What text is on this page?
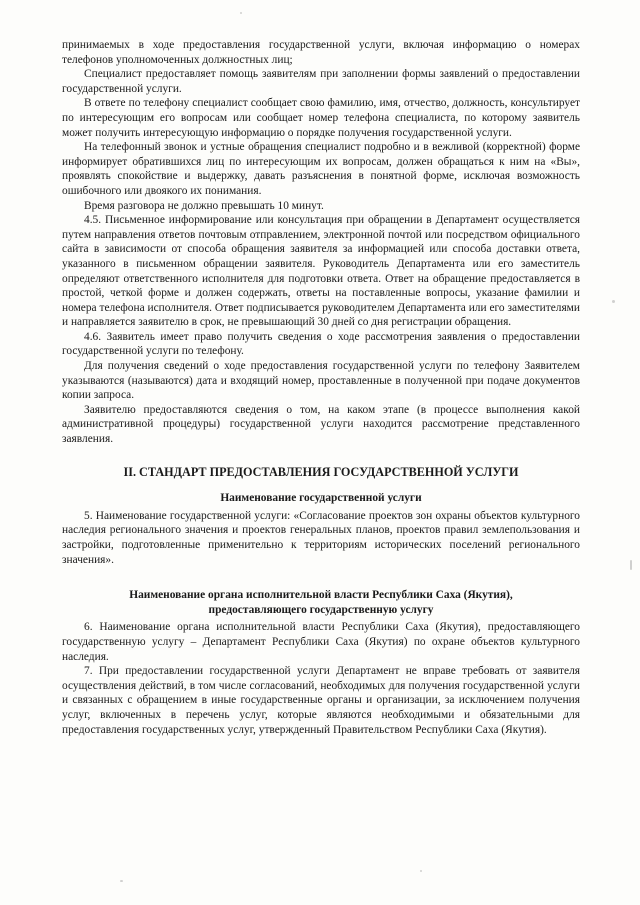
принимаемых в ходе предоставления государственной услуги, включая информацию о номерах телефонов уполномоченных должностных лиц;

Специалист предоставляет помощь заявителям при заполнении формы заявлений о предоставлении государственной услуги.

В ответе по телефону специалист сообщает свою фамилию, имя, отчество, должность, консультирует по интересующим его вопросам или сообщает номер телефона специалиста, по которому заявитель может получить интересующую информацию о порядке получения государственной услуги.

На телефонный звонок и устные обращения специалист подробно и в вежливой (корректной) форме информирует обратившихся лиц по интересующим их вопросам, должен обращаться к ним на «Вы», проявлять спокойствие и выдержку, давать разъяснения в понятной форме, исключая возможность ошибочного или двоякого их понимания.

Время разговора не должно превышать 10 минут.

4.5. Письменное информирование или консультация при обращении в Департамент осуществляется путем направления ответов почтовым отправлением, электронной почтой или посредством официального сайта в зависимости от способа обращения заявителя за информацией или способа доставки ответа, указанного в письменном обращении заявителя. Руководитель Департамента или его заместитель определяют ответственного исполнителя для подготовки ответа. Ответ на обращение предоставляется в простой, четкой форме и должен содержать, ответы на поставленные вопросы, указание фамилии и номера телефона исполнителя. Ответ подписывается руководителем Департамента или его заместителями и направляется заявителю в срок, не превышающий 30 дней со дня регистрации обращения.

4.6. Заявитель имеет право получить сведения о ходе рассмотрения заявления о предоставлении государственной услуги по телефону.

Для получения сведений о ходе предоставления государственной услуги по телефону Заявителем указываются (называются) дата и входящий номер, проставленные в полученной при подаче документов копии запроса.

Заявителю предоставляются сведения о том, на каком этапе (в процессе выполнения какой административной процедуры) государственной услуги находится рассмотрение представленного заявления.

II. СТАНДАРТ ПРЕДОСТАВЛЕНИЯ ГОСУДАРСТВЕННОЙ УСЛУГИ
Наименование государственной услуги

5. Наименование государственной услуги: «Согласование проектов зон охраны объектов культурного наследия регионального значения и проектов генеральных планов, проектов правил землепользования и застройки, подготовленные применительно к территориям исторических поселений регионального значения».

Наименование органа исполнительной власти Республики Саха (Якутия),
предоставляющего государственную услугу

6. Наименование органа исполнительной власти Республики Саха (Якутия), предоставляющего государственную услугу – Департамент Республики Саха (Якутия) по охране объектов культурного наследия.

7. При предоставлении государственной услуги Департамент не вправе требовать от заявителя осуществления действий, в том числе согласований, необходимых для получения государственной услуги и связанных с обращением в иные государственные органы и организации, за исключением получения услуг, включенных в перечень услуг, которые являются необходимыми и обязательными для предоставления государственных услуг, утвержденный Правительством Республики Саха (Якутия).
